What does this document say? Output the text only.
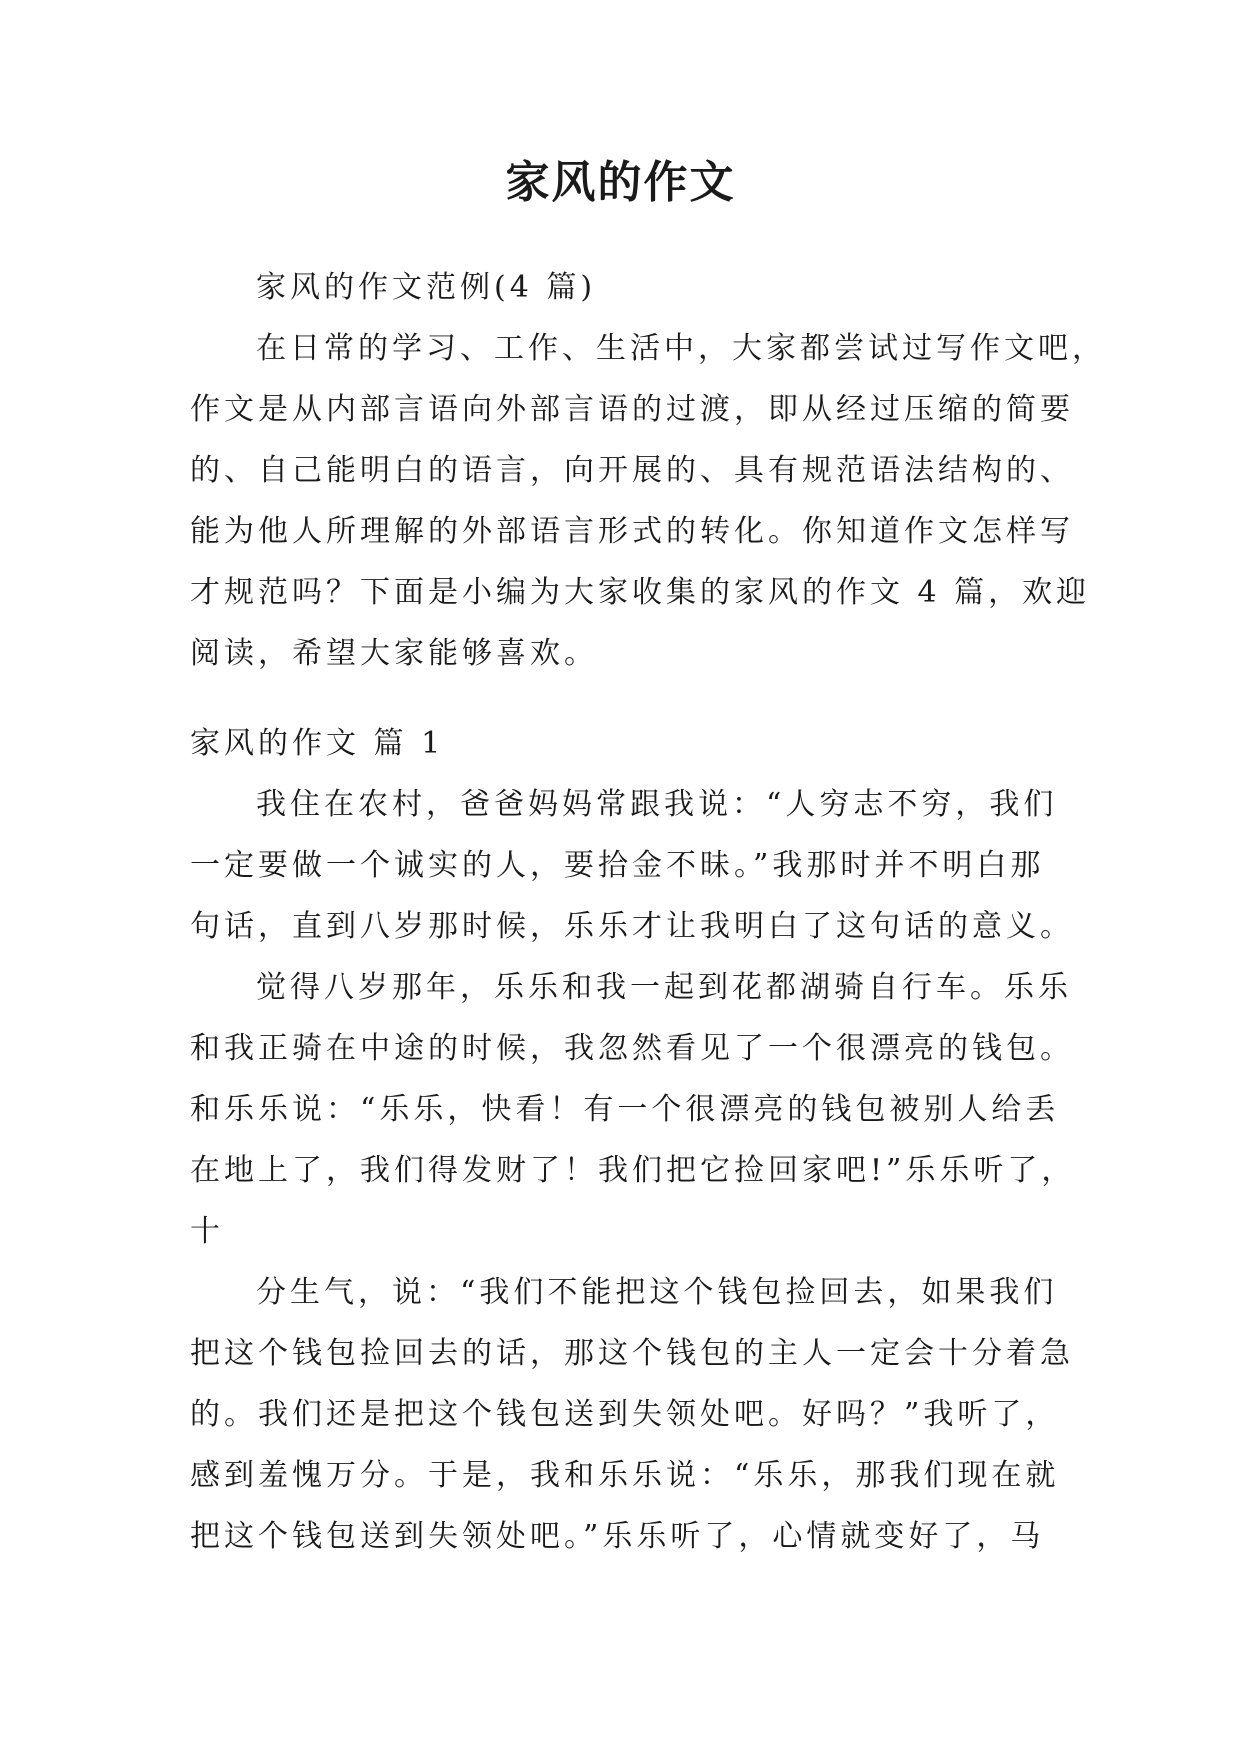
家风的作文
家风的作文范例(4 篇)
在日常的学习、工作、生活中，大家都尝试过写作文吧，
作文是从内部言语向外部言语的过渡，即从经过压缩的简要
的、自己能明白的语言，向开展的、具有规范语法结构的、
能为他人所理解的外部语言形式的转化。你知道作文怎样写
才规范吗？下面是小编为大家收集的家风的作文 4 篇，欢迎
阅读，希望大家能够喜欢。
家风的作文 篇 1
我住在农村，爸爸妈妈常跟我说：“人穷志不穷，我们
一定要做一个诚实的人，要拾金不昧。”我那时并不明白那
句话，直到八岁那时候，乐乐才让我明白了这句话的意义。
觉得八岁那年，乐乐和我一起到花都湖骑自行车。乐乐
和我正骑在中途的时候，我忽然看见了一个很漂亮的钱包。
和乐乐说：“乐乐，快看！有一个很漂亮的钱包被别人给丢
在地上了，我们得发财了！我们把它捡回家吧!”乐乐听了，
十
分生气，说：“我们不能把这个钱包捡回去，如果我们
把这个钱包捡回去的话，那这个钱包的主人一定会十分着急
的。我们还是把这个钱包送到失领处吧。好吗？”我听了，
感到羞愧万分。于是，我和乐乐说：“乐乐，那我们现在就
把这个钱包送到失领处吧。”乐乐听了，心情就变好了，马
